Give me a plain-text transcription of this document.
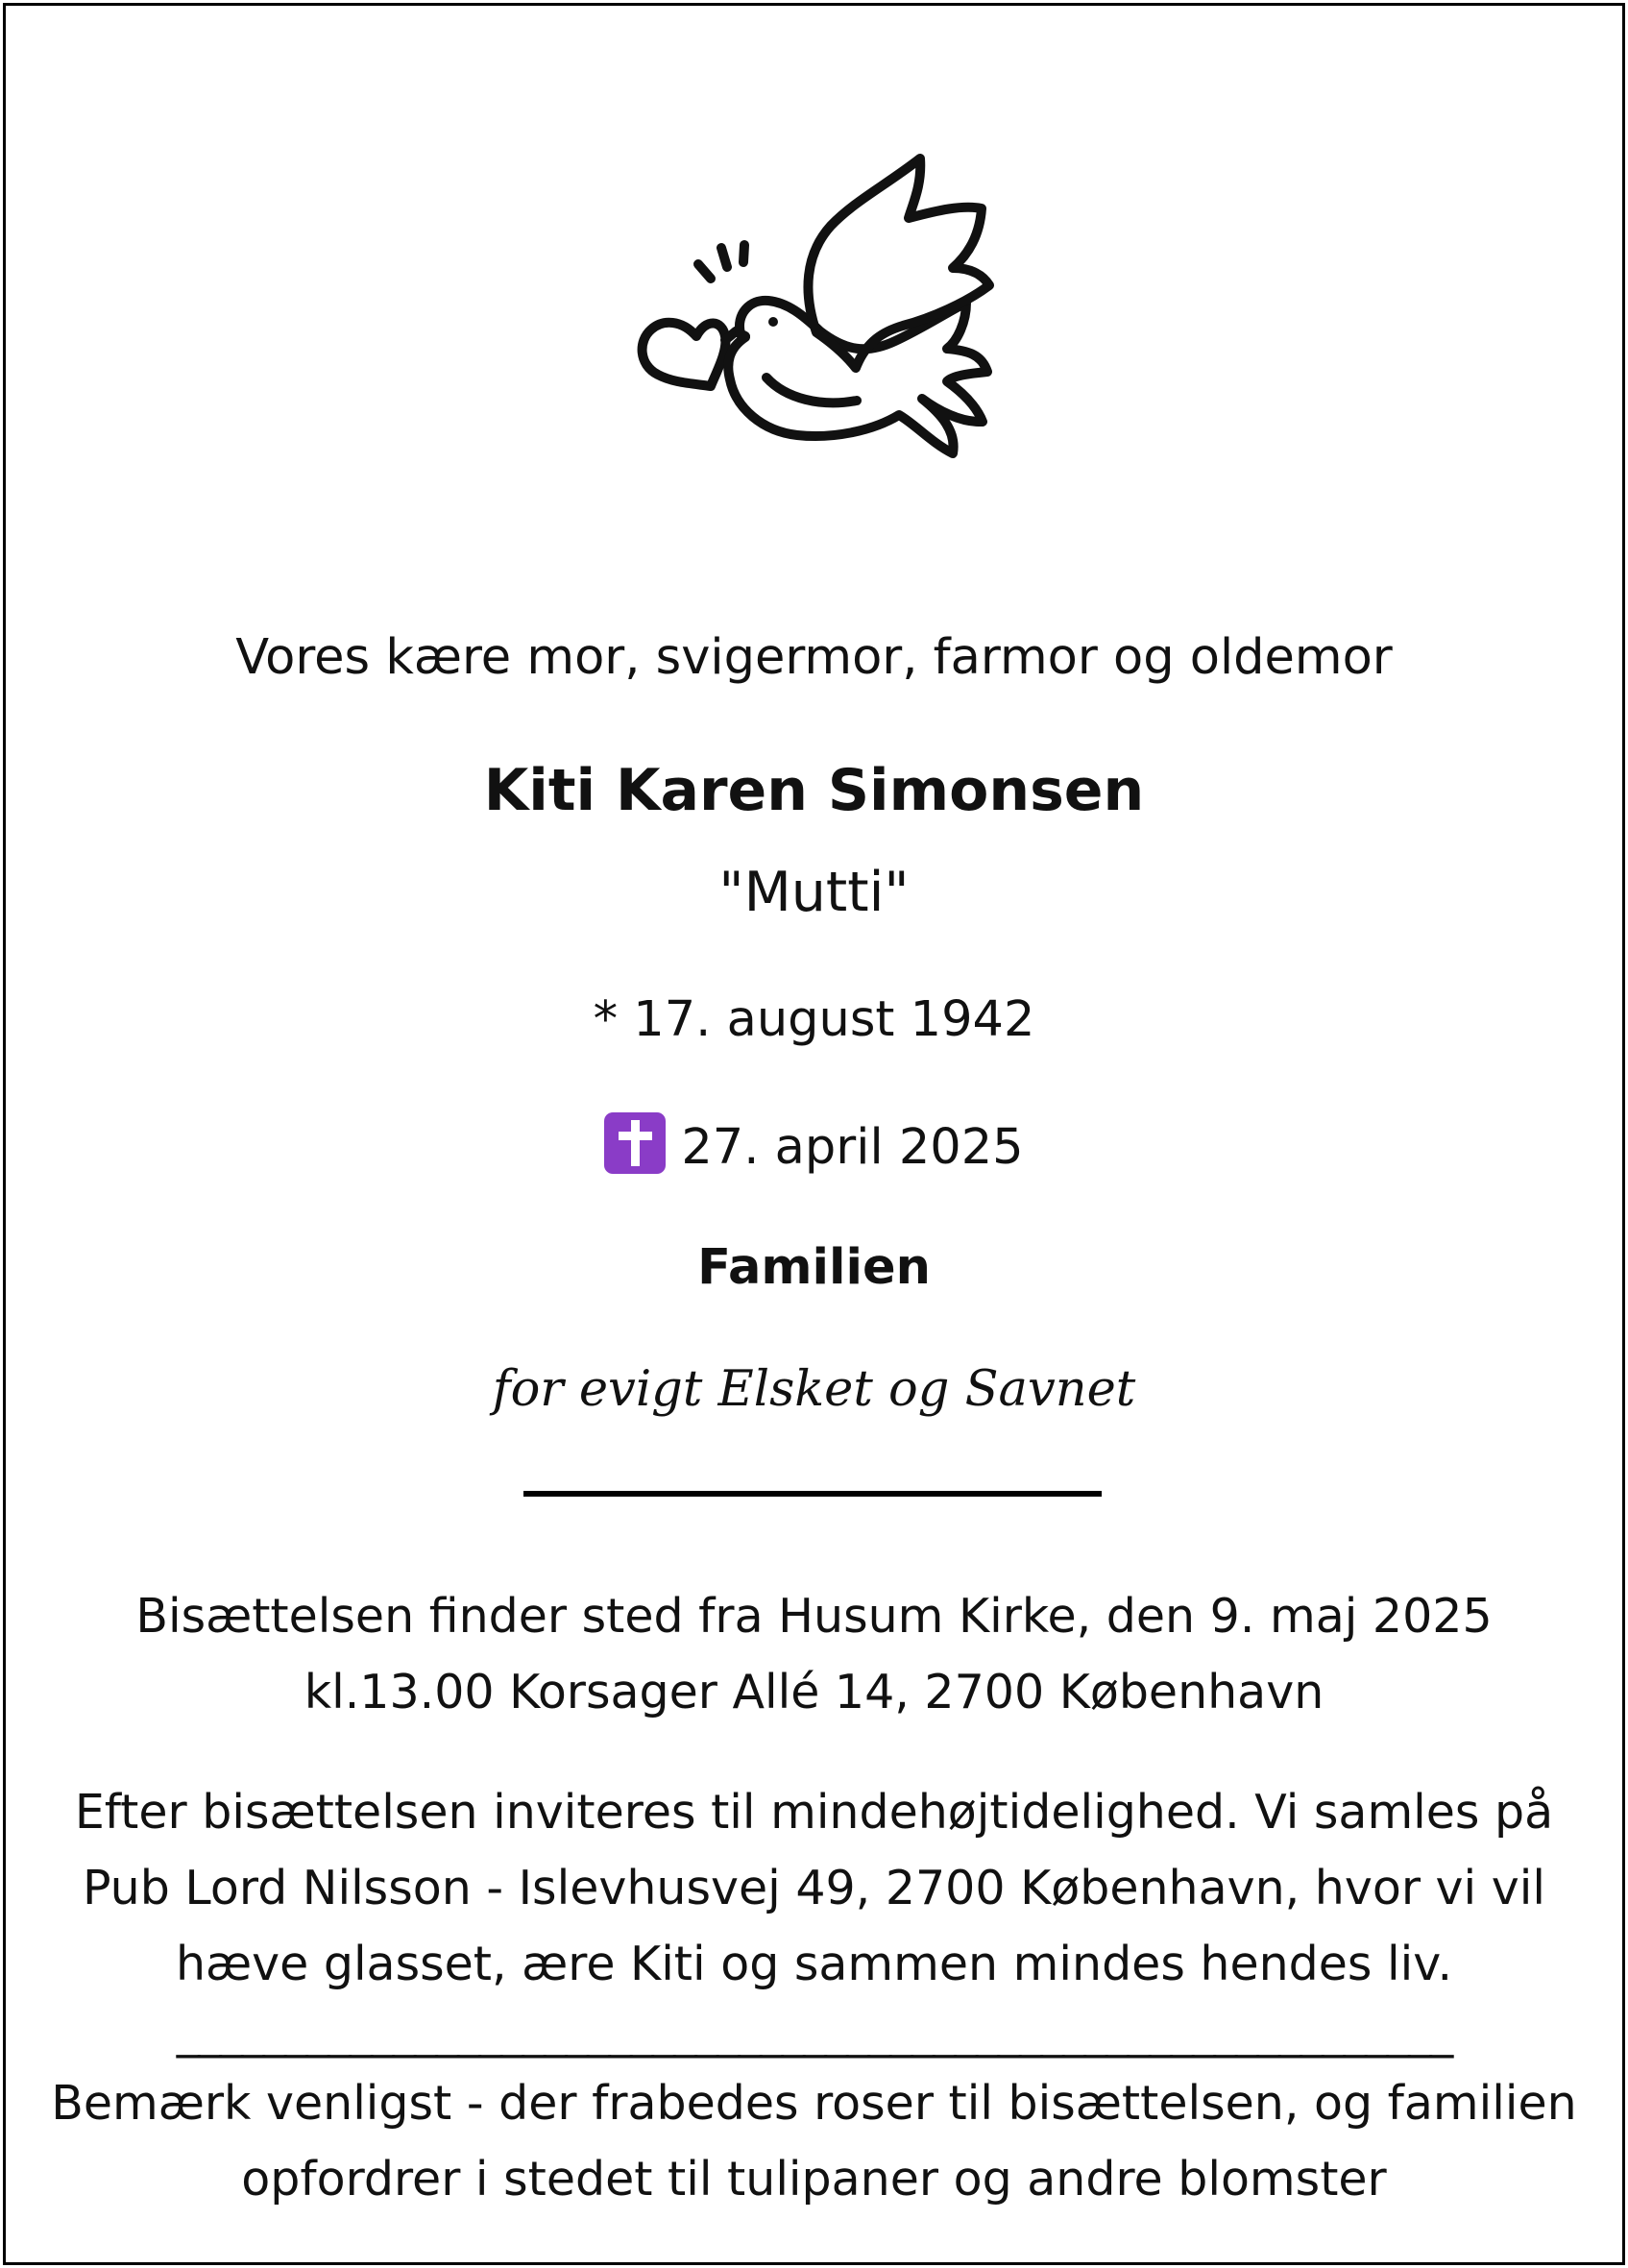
Vores kære mor, svigermor, farmor og oldemor
Kiti Karen Simonsen
"Mutti"
* 17. august 1942
27. april 2025
Familien
for evigt Elsket og Savnet
Bisættelsen finder sted fra Husum Kirke, den 9. maj 2025
kl.13.00 Korsager Allé 14, 2700 København
Efter bisættelsen inviteres til mindehøjtidelighed. Vi samles på
Pub Lord Nilsson - Islevhusvej 49, 2700 København, hvor vi vil
hæve glasset, ære Kiti og sammen mindes hendes liv.
___________________________________________________________
Bemærk venligst - der frabedes roser til bisættelsen, og familien
opfordrer i stedet til tulipaner og andre blomster
